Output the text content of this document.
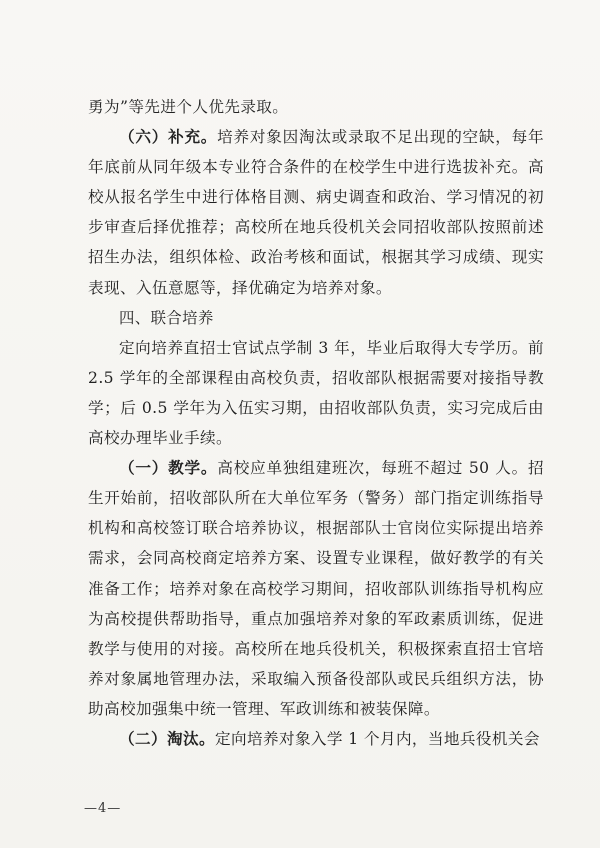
勇为”等先进个人优先录取。

（六）补充。培养对象因淘汰或录取不足出现的空缺，每年年底前从同年级本专业符合条件的在校学生中进行选拔补充。高校从报名学生中进行体格目测、病史调查和政治、学习情况的初步审查后择优推荐；高校所在地兵役机关会同招收部队按照前述招生办法，组织体检、政治考核和面试，根据其学习成绩、现实表现、入伍意愿等，择优确定为培养对象。

四、联合培养

定向培养直招士官试点学制 3 年，毕业后取得大专学历。前 2.5 学年的全部课程由高校负责，招收部队根据需要对接指导教学；后 0.5 学年为入伍实习期，由招收部队负责，实习完成后由高校办理毕业手续。

（一）教学。高校应单独组建班次，每班不超过 50 人。招生开始前，招收部队所在大单位军务（警务）部门指定训练指导机构和高校签订联合培养协议，根据部队士官岗位实际提出培养需求，会同高校商定培养方案、设置专业课程，做好教学的有关准备工作；培养对象在高校学习期间，招收部队训练指导机构应为高校提供帮助指导，重点加强培养对象的军政素质训练，促进教学与使用的对接。高校所在地兵役机关，积极探索直招士官培养对象属地管理办法，采取编入预备役部队或民兵组织方法，协助高校加强集中统一管理、军政训练和被装保障。

（二）淘汰。定向培养对象入学 1 个月内，当地兵役机关会

—4—
